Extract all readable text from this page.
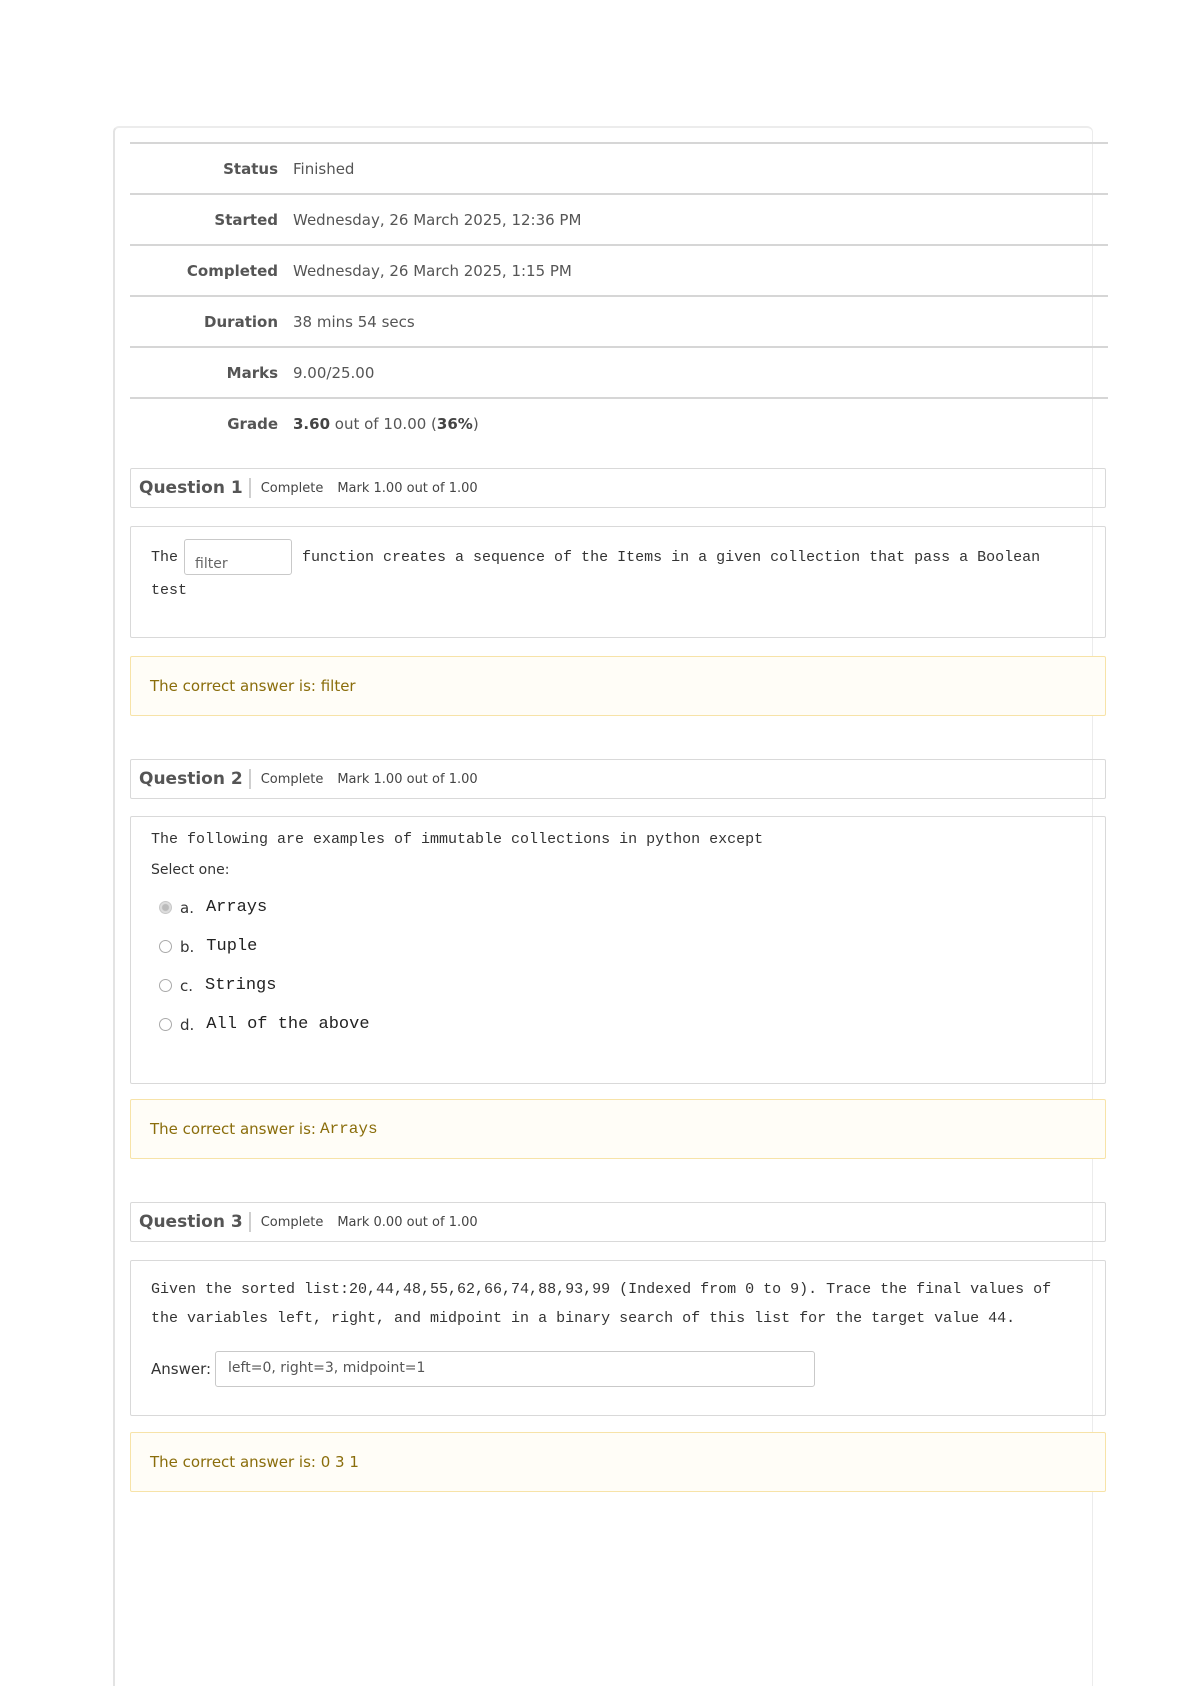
Status	Finished
Started	Wednesday, 26 March 2025, 12:36 PM
Completed	Wednesday, 26 March 2025, 1:15 PM
Duration	38 mins 54 secs
Marks	9.00/25.00
Grade	3.60 out of 10.00 (36%)
Question 1	Complete Mark 1.00 out of 1.00
The filter	function creates a sequence of the Items in a given collection that pass a Boolean test
The correct answer is: filter
Question 2	Complete Mark 1.00 out of 1.00
The following are examples of immutable collections in python except
Select one:
a. Arrays
b. Tuple
c. Strings
d. All of the above
The correct answer is: Arrays
Question 3	Complete Mark 0.00 out of 1.00
Given the sorted list:20,44,48,55,62,66,74,88,93,99 (Indexed from 0 to 9). Trace the final values of the variables left, right, and midpoint in a binary search of this list for the target value 44.
Answer:	left=0, right=3, midpoint=1
The correct answer is: 0 3 1
